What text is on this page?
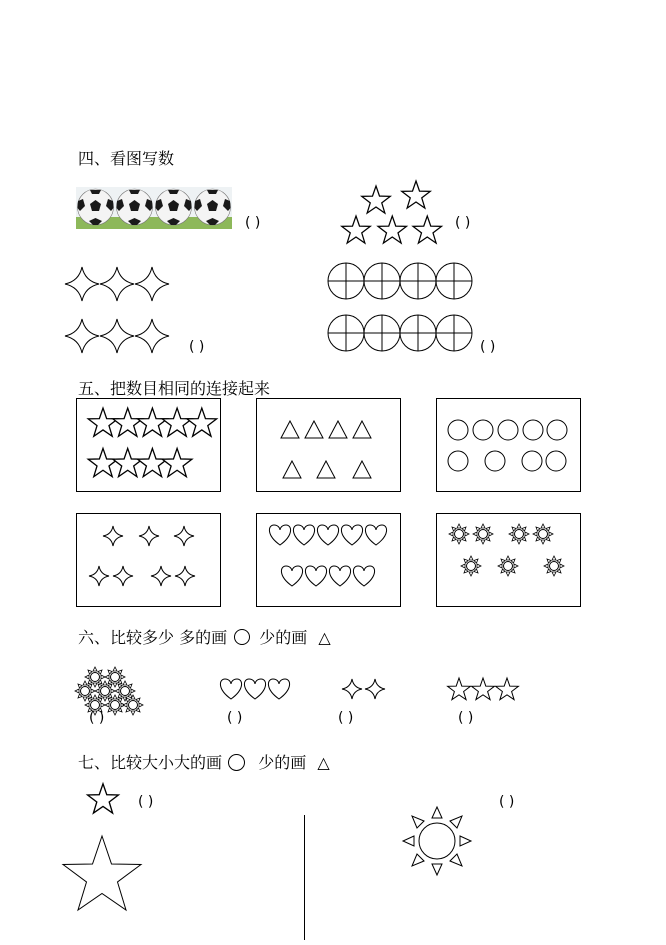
四、看图写数
( )	( )
( )	( )
五、把数目相同的连接起来
六、比较多少 多的画 少的画 △
( )	( )	( )	( )
七、比较大小大的画 少的画 △
( )	( )
